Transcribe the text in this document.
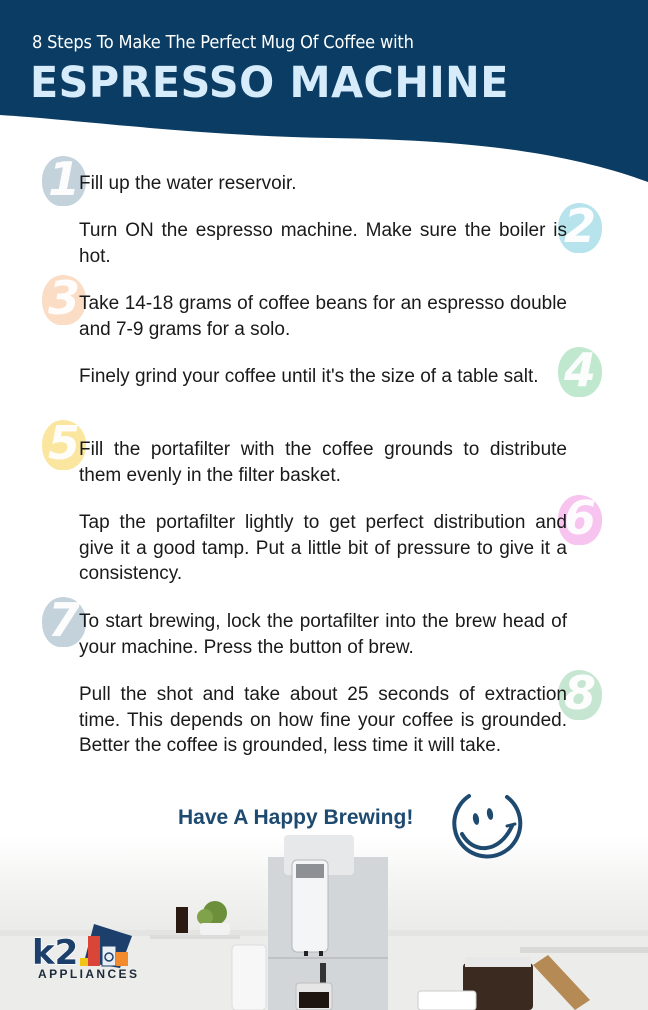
8 Steps To Make The Perfect Mug Of Coffee with
ESPRESSO MACHINE
1
2
3
4
5
6
7
8
Fill up the water reservoir.
Turn ON the espresso machine. Make sure the boiler is hot.
Take 14-18 grams of coffee beans for an espresso double and 7-9 grams for a solo.
Finely grind your coffee until it's the size of a table salt.
Fill the portafilter with the coffee grounds to distribute them evenly in the filter basket.
Tap the portafilter lightly to get perfect distribution and give it a good tamp. Put a little bit of pressure to give it a consistency.
To start brewing, lock the portafilter into the brew head of your machine. Press the button of brew.
Pull the shot and take about 25 seconds of extraction time. This depends on how fine your coffee is grounded. Better the coffee is grounded, less time it will take.
Have A Happy Brewing!
k2
APPLIANCES
